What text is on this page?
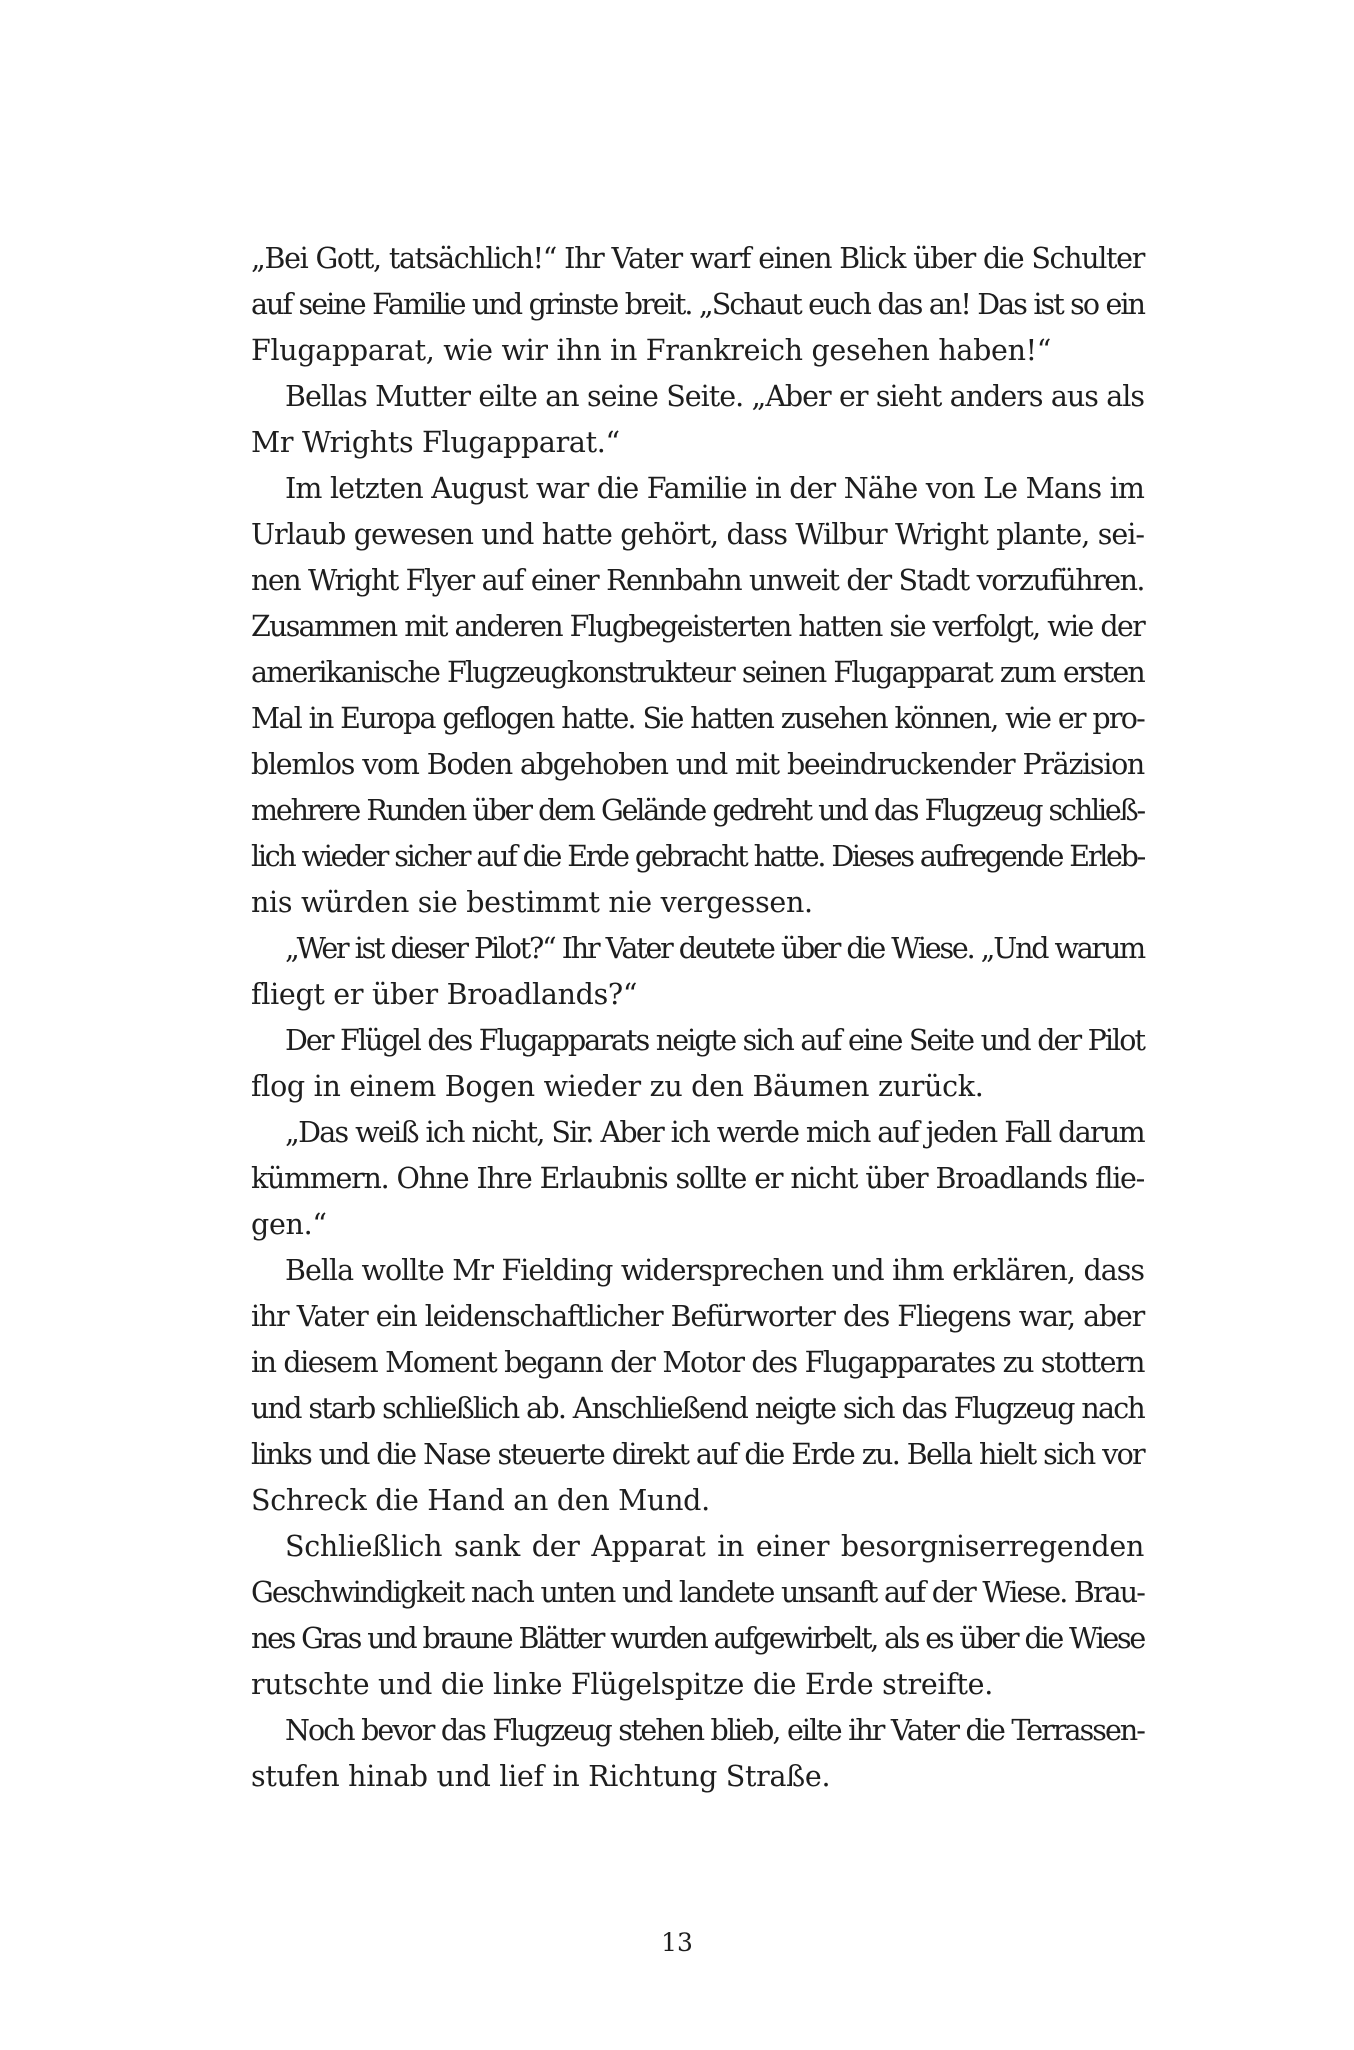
„Bei Gott, tatsächlich!“ Ihr Vater warf einen Blick über die Schulter
auf seine Familie und grinste breit. „Schaut euch das an! Das ist so ein
Flugapparat, wie wir ihn in Frankreich gesehen haben!“
Bellas Mutter eilte an seine Seite. „Aber er sieht anders aus als
Mr Wrights Flugapparat.“
Im letzten August war die Familie in der Nähe von Le Mans im
Urlaub gewesen und hatte gehört, dass Wilbur Wright plante, sei-
nen Wright Flyer auf einer Rennbahn unweit der Stadt vorzuführen.
Zusammen mit anderen Flugbegeisterten hatten sie verfolgt, wie der
amerikanische Flugzeugkonstrukteur seinen Flugapparat zum ersten
Mal in Europa geflogen hatte. Sie hatten zusehen können, wie er pro-
blemlos vom Boden abgehoben und mit beeindruckender Präzision
mehrere Runden über dem Gelände gedreht und das Flugzeug schließ-
lich wieder sicher auf die Erde gebracht hatte. Dieses aufregende Erleb-
nis würden sie bestimmt nie vergessen.
„Wer ist dieser Pilot?“ Ihr Vater deutete über die Wiese. „Und warum
fliegt er über Broadlands?“
Der Flügel des Flugapparats neigte sich auf eine Seite und der Pilot
flog in einem Bogen wieder zu den Bäumen zurück.
„Das weiß ich nicht, Sir. Aber ich werde mich auf jeden Fall darum
kümmern. Ohne Ihre Erlaubnis sollte er nicht über Broadlands flie-
gen.“
Bella wollte Mr Fielding widersprechen und ihm erklären, dass
ihr Vater ein leidenschaftlicher Befürworter des Fliegens war, aber
in diesem Moment begann der Motor des Flugapparates zu stottern
und starb schließlich ab. Anschließend neigte sich das Flugzeug nach
links und die Nase steuerte direkt auf die Erde zu. Bella hielt sich vor
Schreck die Hand an den Mund.
Schließlich sank der Apparat in einer besorgniserregenden
Geschwindigkeit nach unten und landete unsanft auf der Wiese. Brau-
nes Gras und braune Blätter wurden aufgewirbelt, als es über die Wiese
rutschte und die linke Flügelspitze die Erde streifte.
Noch bevor das Flugzeug stehen blieb, eilte ihr Vater die Terrassen-
stufen hinab und lief in Richtung Straße.
13
